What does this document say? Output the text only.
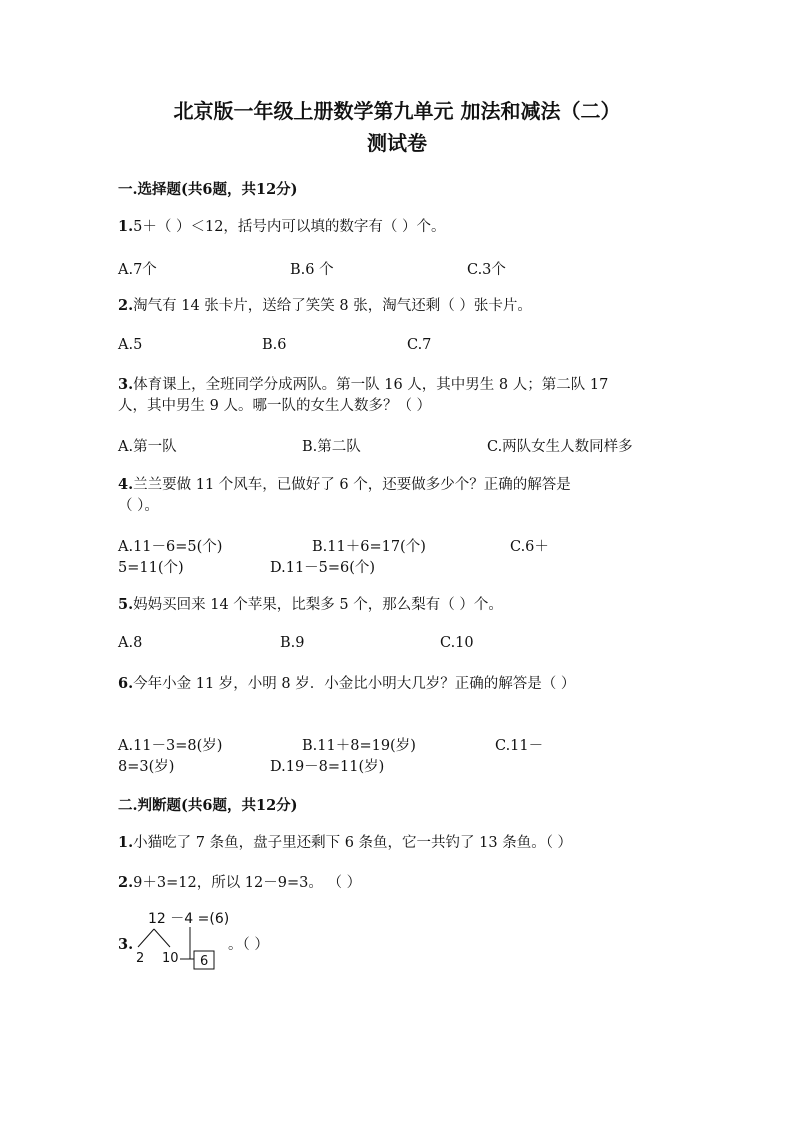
北京版一年级上册数学第九单元 加法和减法（二）
测试卷
一.选择题(共6题，共12分)
1.5＋（ ）＜12，括号内可以填的数字有（ ）个。
A.7个	B.6 个	C.3个
2.淘气有 14 张卡片，送给了笑笑 8 张，淘气还剩（ ）张卡片。
A.5	B.6	C.7
3.体育课上，全班同学分成两队。第一队 16 人，其中男生 8 人；第二队 17
人，其中男生 9 人。哪一队的女生人数多？（ ）
A.第一队	B.第二队	C.两队女生人数同样多
4.兰兰要做 11 个风车，已做好了 6 个，还要做多少个？正确的解答是
（ ）。
A.11－6=5(个)	B.11＋6=17(个)	C.6＋
5=11(个)	D.11－5=6(个)
5.妈妈买回来 14 个苹果，比梨多 5 个，那么梨有（ ）个。
A.8	B.9	C.10
6.今年小金 11 岁，小明 8 岁．小金比小明大几岁？正确的解答是（ ）
A.11－3=8(岁)	B.11＋8=19(岁)	C.11－
8=3(岁)	D.19－8=11(岁)
二.判断题(共6题，共12分)
1.小猫吃了 7 条鱼，盘子里还剩下 6 条鱼，它一共钓了 13 条鱼。（ ）
2.9＋3=12，所以 12－9=3。 （ ）
12 －4 =(6)
3.
2 10 6
。（ ）
